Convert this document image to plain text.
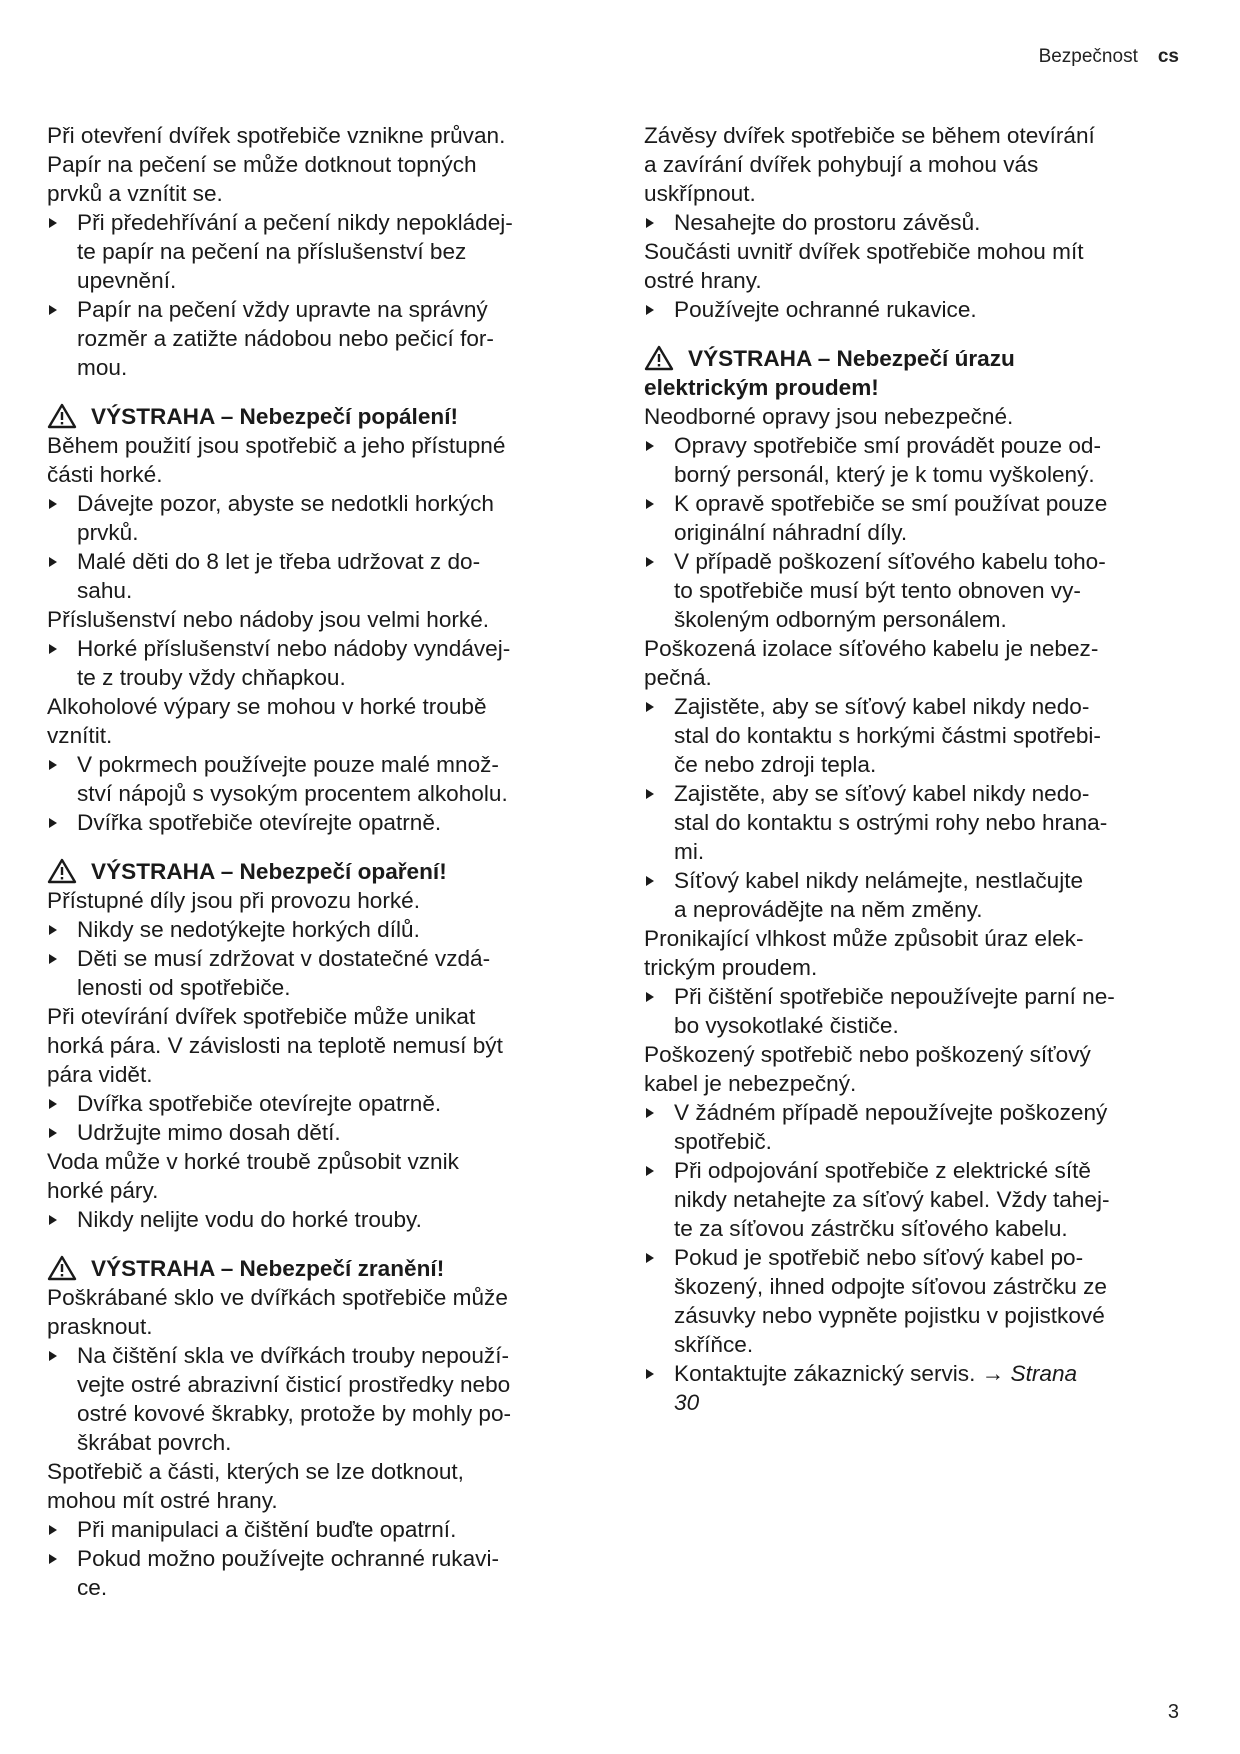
Bezpečnost cs
Při otevření dvířek spotřebiče vznikne průvan.
Papír na pečení se může dotknout topných
prvků a vznítit se.
Při předehřívání a pečení nikdy nepokládej-
te papír na pečení na příslušenství bez
upevnění.
Papír na pečení vždy upravte na správný
rozměr a zatižte nádobou nebo pečicí for-
mou.
VÝSTRAHA – Nebezpečí popálení!
Během použití jsou spotřebič a jeho přístupné
části horké.
Dávejte pozor, abyste se nedotkli horkých
prvků.
Malé děti do 8 let je třeba udržovat z do-
sahu.
Příslušenství nebo nádoby jsou velmi horké.
Horké příslušenství nebo nádoby vyndávej-
te z trouby vždy chňapkou.
Alkoholové výpary se mohou v horké troubě
vznítit.
V pokrmech používejte pouze malé množ-
ství nápojů s vysokým procentem alkoholu.
Dvířka spotřebiče otevírejte opatrně.
VÝSTRAHA – Nebezpečí opaření!
Přístupné díly jsou při provozu horké.
Nikdy se nedotýkejte horkých dílů.
Děti se musí zdržovat v dostatečné vzdá-
lenosti od spotřebiče.
Při otevírání dvířek spotřebiče může unikat
horká pára. V závislosti na teplotě nemusí být
pára vidět.
Dvířka spotřebiče otevírejte opatrně.
Udržujte mimo dosah dětí.
Voda může v horké troubě způsobit vznik
horké páry.
Nikdy nelijte vodu do horké trouby.
VÝSTRAHA – Nebezpečí zranění!
Poškrábané sklo ve dvířkách spotřebiče může
prasknout.
Na čištění skla ve dvířkách trouby nepouží-
vejte ostré abrazivní čisticí prostředky nebo
ostré kovové škrabky, protože by mohly po-
škrábat povrch.
Spotřebič a části, kterých se lze dotknout,
mohou mít ostré hrany.
Při manipulaci a čištění buďte opatrní.
Pokud možno používejte ochranné rukavi-
ce.
Závěsy dvířek spotřebiče se během otevírání
a zavírání dvířek pohybují a mohou vás
uskřípnout.
Nesahejte do prostoru závěsů.
Součásti uvnitř dvířek spotřebiče mohou mít
ostré hrany.
Používejte ochranné rukavice.
VÝSTRAHA – Nebezpečí úrazu
elektrickým proudem!
Neodborné opravy jsou nebezpečné.
Opravy spotřebiče smí provádět pouze od-
borný personál, který je k tomu vyškolený.
K opravě spotřebiče se smí používat pouze
originální náhradní díly.
V případě poškození síťového kabelu toho-
to spotřebiče musí být tento obnoven vy-
školeným odborným personálem.
Poškozená izolace síťového kabelu je nebez-
pečná.
Zajistěte, aby se síťový kabel nikdy nedo-
stal do kontaktu s horkými částmi spotřebi-
če nebo zdroji tepla.
Zajistěte, aby se síťový kabel nikdy nedo-
stal do kontaktu s ostrými rohy nebo hrana-
mi.
Síťový kabel nikdy nelámejte, nestlačujte
a neprovádějte na něm změny.
Pronikající vlhkost může způsobit úraz elek-
trickým proudem.
Při čištění spotřebiče nepoužívejte parní ne-
bo vysokotlaké čističe.
Poškozený spotřebič nebo poškozený síťový
kabel je nebezpečný.
V žádném případě nepoužívejte poškozený
spotřebič.
Při odpojování spotřebiče z elektrické sítě
nikdy netahejte za síťový kabel. Vždy tahej-
te za síťovou zástrčku síťového kabelu.
Pokud je spotřebič nebo síťový kabel po-
škozený, ihned odpojte síťovou zástrčku ze
zásuvky nebo vypněte pojistku v pojistkové
skříňce.
Kontaktujte zákaznický servis. → Strana
30
3
